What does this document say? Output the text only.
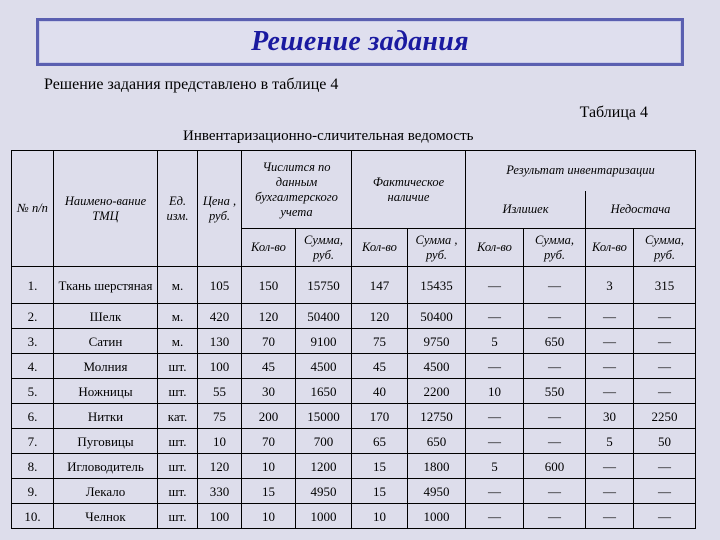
Решение задания
Решение задания представлено в таблице 4
Таблица 4
Инвентаризационно-сличительная ведомость
№ п/п	Наимено-вание ТМЦ	Ед. изм.	Цена , руб.	Числится по данным бухгалтерского учета		Фактическое наличие		Результат инвентаризации			
								Излишек		Недостача	
				Кол-во	Сумма, руб.	Кол-во	Сумма , руб.	Кол-во	Сумма, руб.	Кол-во	Сумма, руб.
1.	Ткань шерстяная	м.	105	150	15750	147	15435	—	—	3	315
2.	Шелк	м.	420	120	50400	120	50400	—	—	—	—
3.	Сатин	м.	130	70	9100	75	9750	5	650	—	—
4.	Молния	шт.	100	45	4500	45	4500	—	—	—	—
5.	Ножницы	шт.	55	30	1650	40	2200	10	550	—	—
6.	Нитки	кат.	75	200	15000	170	12750	—	—	30	2250
7.	Пуговицы	шт.	10	70	700	65	650	—	—	5	50
8.	Игловодитель	шт.	120	10	1200	15	1800	5	600	—	—
9.	Лекало	шт.	330	15	4950	15	4950	—	—	—	—
10.	Челнок	шт.	100	10	1000	10	1000	—	—	—	—
